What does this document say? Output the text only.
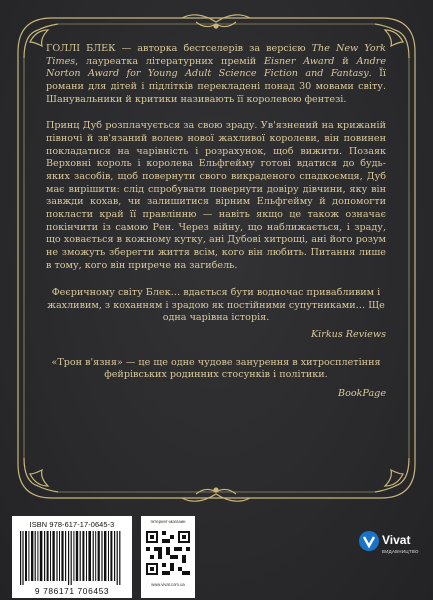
ГОЛЛІ БЛЕК — авторка бестселерів за версією The New York Times, лауреатка літературних премій Eisner Award й Andre Norton Award for Young Adult Science Fiction and Fantasy. Її романи для дітей і підлітків перекладені понад 30 мовами світу. Шанувальники й критики називають її королевою фентезі.

Принц Дуб розплачується за свою зраду. Ув'язнений на крижаній півночі й зв'язаний волею нової жахливої королеви, він повинен покладатися на чарівність і розрахунок, щоб вижити. Позаяк Верховні король і королева Ельфгейму готові вдатися до будь-яких засобів, щоб повернути свого викраденого спадкоємця, Дуб має вирішити: слід спробувати повернути довіру дівчини, яку він завжди кохав, чи залишитися вірним Ельфгейму й допомогти покласти край її правлінню — навіть якщо це також означає покінчити із самою Рен. Через війну, що наближається, і зраду, що ховається в кожному кутку, ані Дубові хитрощі, ані його розум не зможуть зберегти життя всім, кого він любить. Питання лише в тому, кого він приречe на загибель.

Феєричному світу Блек… вдається бути водночас привабливим і жахливим, з коханням і зрадою як постійними супутниками… Ще одна чарівна історія.

Kirkus Reviews

«Трон в'язня» — це ще одне чудове занурення в хитросплетіння фейрівських родинних стосунків і політики.

BookPage

ISBN 978-617-17-0645-3
9 786171 706453
Інтернет-магазин
www.vivat.com.ua
Vivat
ВИДАВНИЦТВО
